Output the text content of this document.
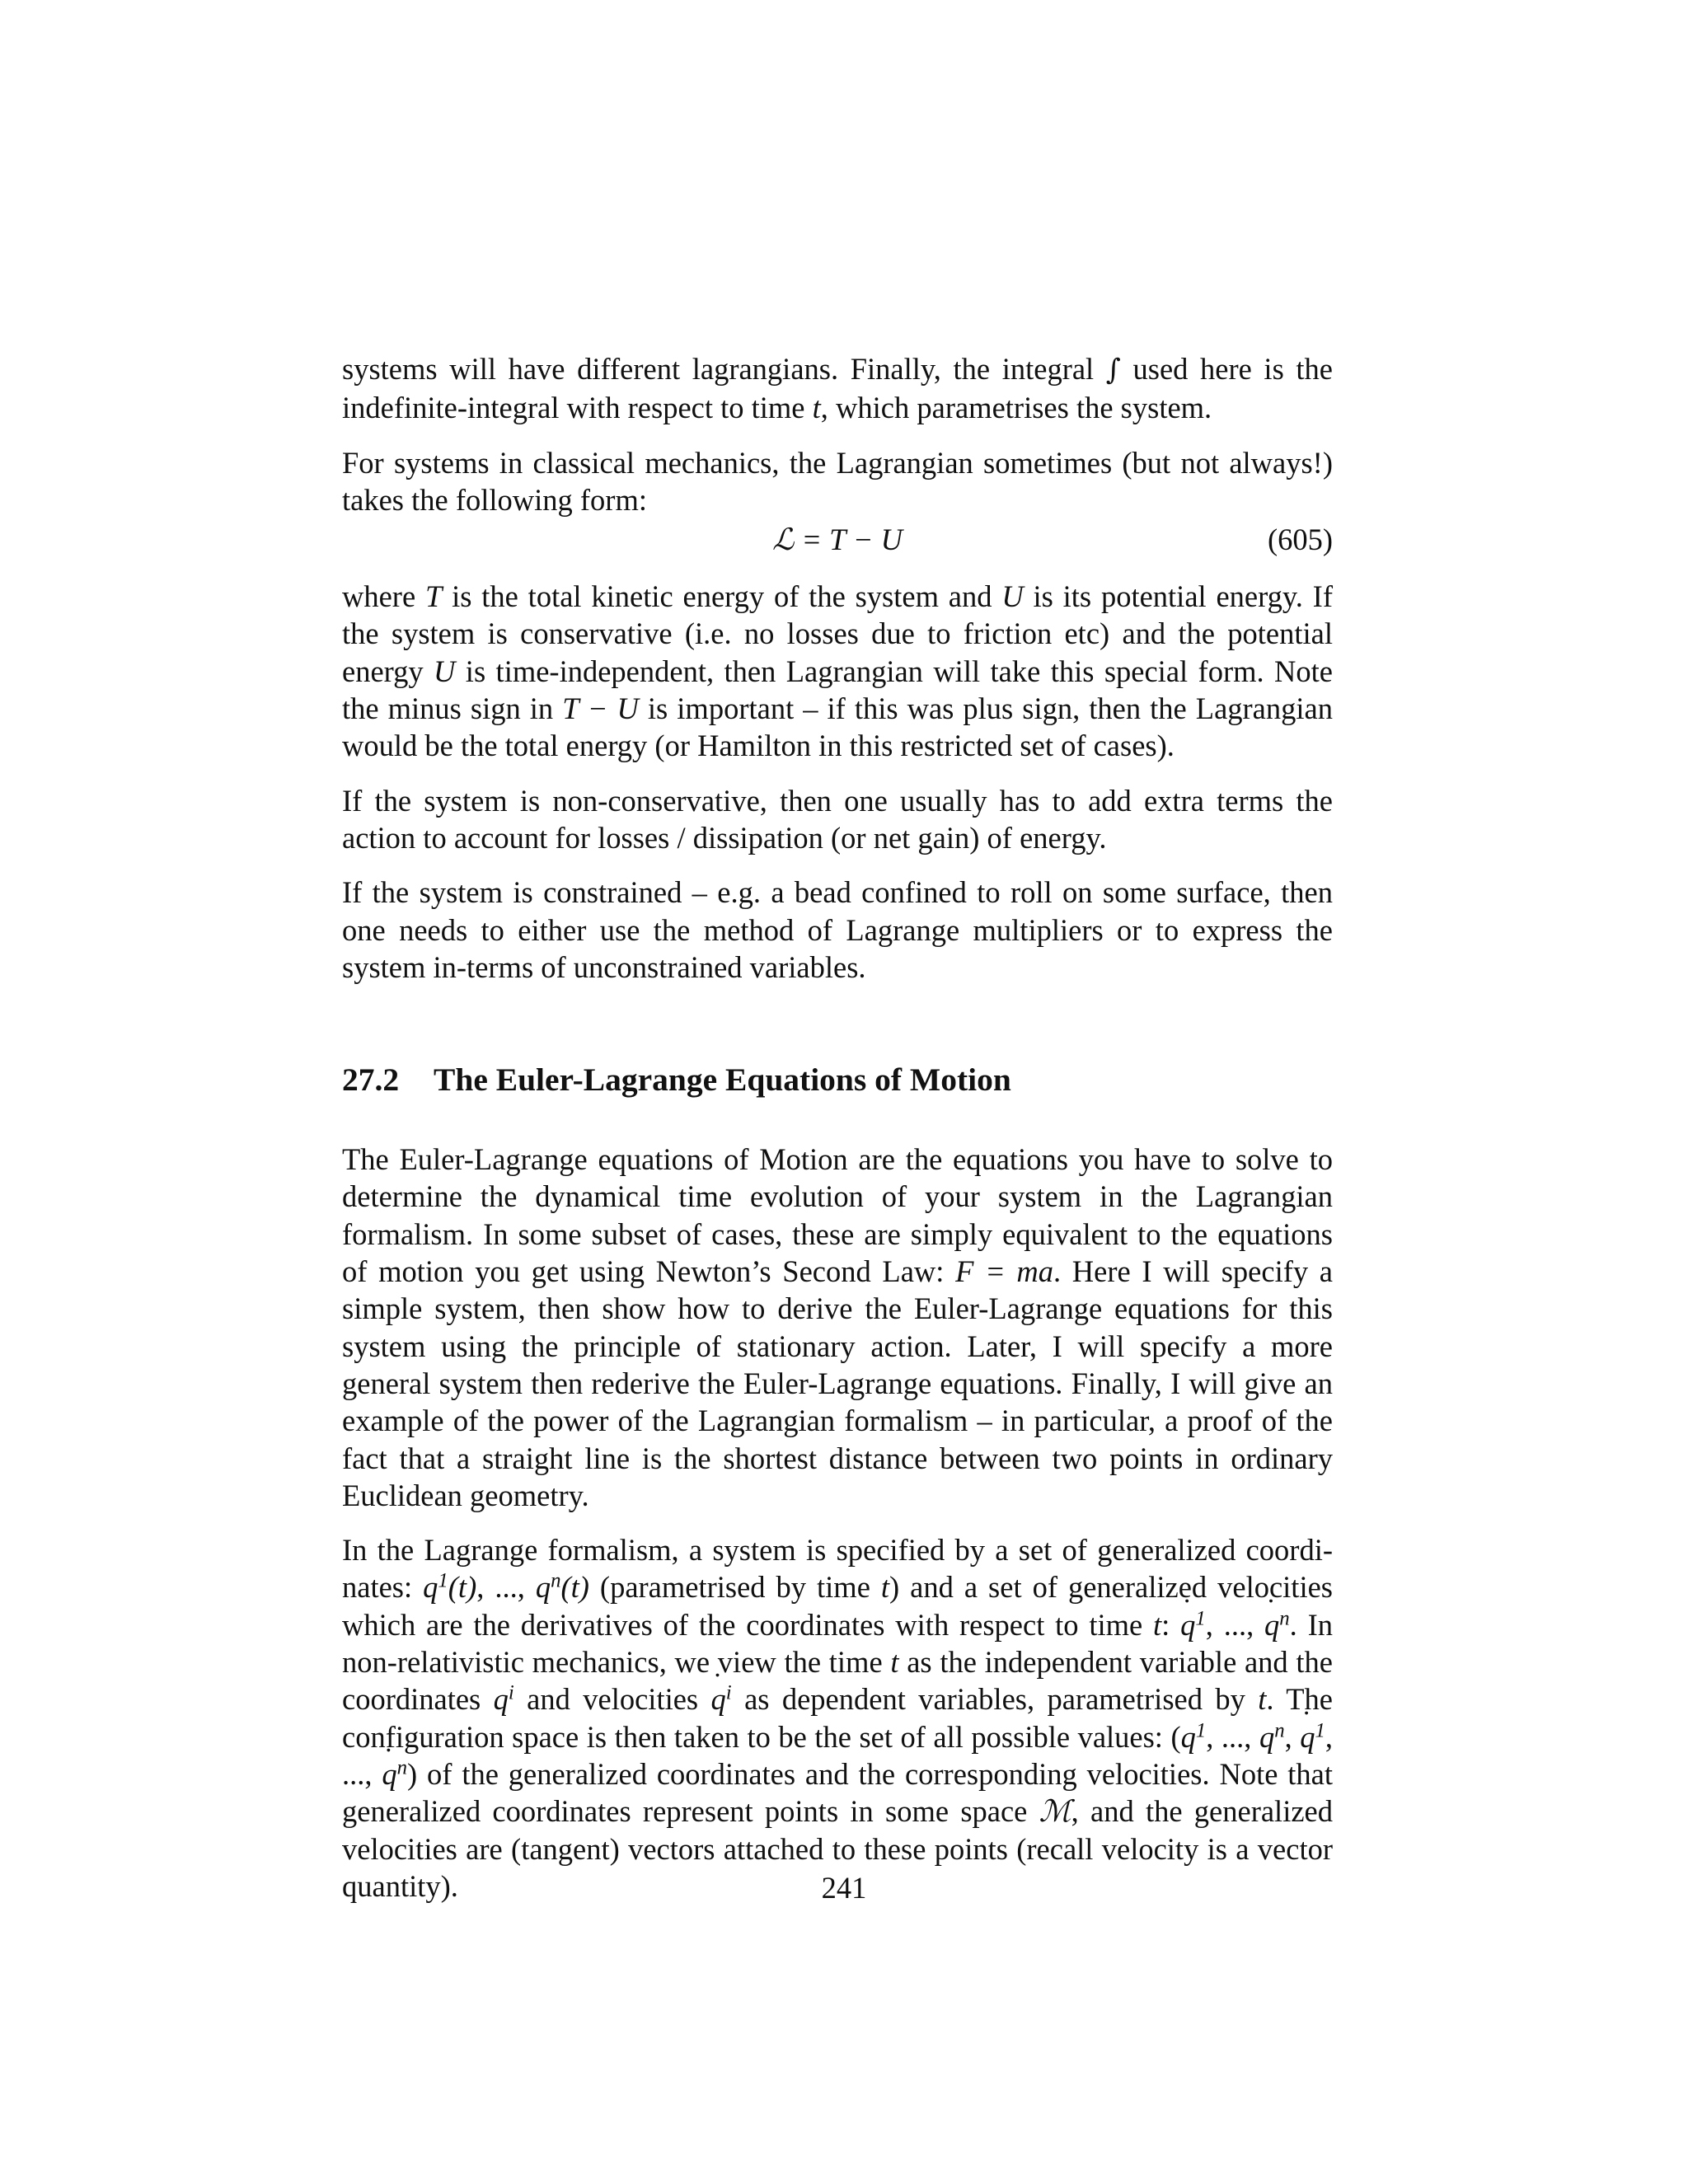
systems will have different lagrangians. Finally, the integral ∫ used here is the indefinite-integral with respect to time t, which parametrises the system.

For systems in classical mechanics, the Lagrangian sometimes (but not always!) takes the following form:

ℒ = T − U	(605)

where T is the total kinetic energy of the system and U is its potential energy. If the system is conservative (i.e. no losses due to friction etc) and the potential energy U is time-independent, then Lagrangian will take this special form. Note the minus sign in T − U is important – if this was plus sign, then the Lagrangian would be the total energy (or Hamilton in this restricted set of cases).

If the system is non-conservative, then one usually has to add extra terms the action to account for losses / dissipation (or net gain) of energy.

If the system is constrained – e.g. a bead confined to roll on some surface, then one needs to either use the method of Lagrange multipliers or to express the system in-terms of unconstrained variables.

27.2 The Euler-Lagrange Equations of Motion

The Euler-Lagrange equations of Motion are the equations you have to solve to determine the dynamical time evolution of your system in the Lagrangian formalism. In some subset of cases, these are simply equivalent to the equations of motion you get using Newton’s Second Law: F = ma. Here I will specify a simple system, then show how to derive the Euler-Lagrange equations for this system using the principle of stationary action. Later, I will specify a more general system then rederive the Euler-Lagrange equations. Finally, I will give an example of the power of the Lagrangian formalism – in particular, a proof of the fact that a straight line is the shortest distance between two points in ordinary Euclidean geometry.

In the Lagrange formalism, a system is specified by a set of generalized coordinates: $q^1(t)$, ..., $q^n(t)$ (parametrised by time t) and a set of generalized velocities which are the derivatives of the coordinates with respect to time t: ˙ $q^1$, ..., ˙ $q^n$. In non-relativistic mechanics, we view the time t as the independent variable and the coordinates $q^i$ and velocities ˙ $q^i$ as dependent variables, parametrised by t. The configuration space is then taken to be the set of all possible values: ($q^1$, ..., $q^n$, ˙ $q^1$, ..., ˙ $q^n$) of the generalized coordinates and the corresponding velocities. Note that generalized coordinates represent points in some space ℳ, and the generalized velocities are (tangent) vectors attached to these points (recall velocity is a vector quantity).	241
